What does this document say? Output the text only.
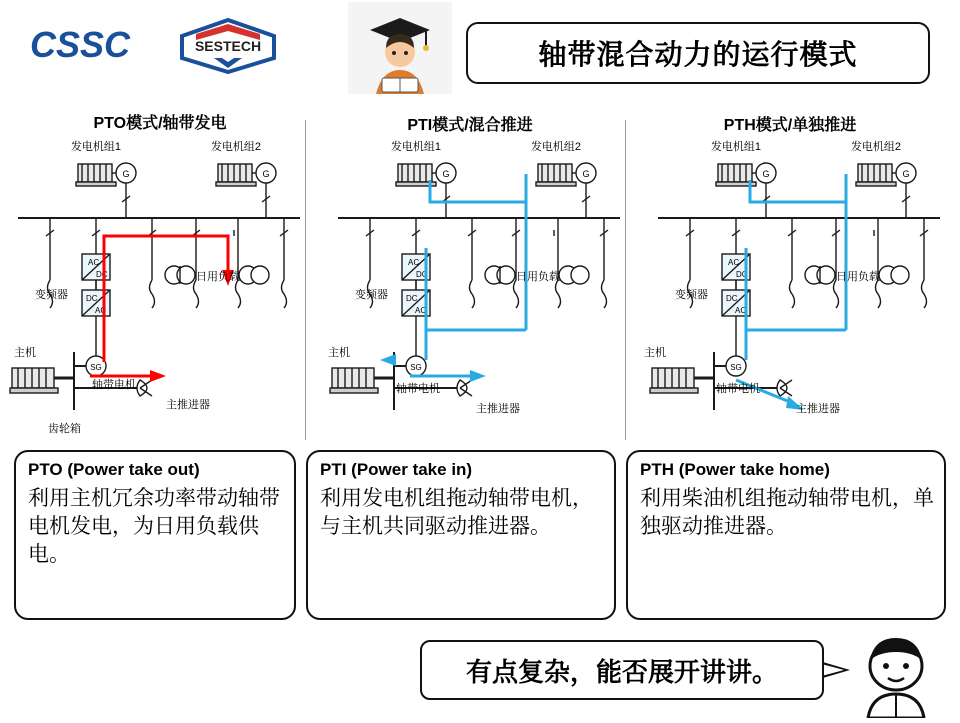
CSSC	SESTECH	轴带混合动力的运行模式
PTO模式/轴带发电	PTI模式/混合推进	PTH模式/单独推进
G	G
AC
DC
DC
AC
SG
发电机组1	发电机组2
变频器
日用负载
主机
轴带电机
齿轮箱
主推进器
G	G
AC
DC
DC
AC
SG
发电机组1	发电机组2
变频器
日用负载
主机
轴带电机
主推进器
G	G
AC
DC
DC
AC
SG
发电机组1	发电机组2
变频器
日用负载
主机
轴带电机
主推进器
PTO (Power take out)
利用主机冗余功率带动轴带电机发电，为日用负载供电。
PTI (Power take in)
利用发电机组拖动轴带电机，与主机共同驱动推进器。
PTH (Power take home)
利用柴油机组拖动轴带电机，单独驱动推进器。
有点复杂，能否展开讲讲。
